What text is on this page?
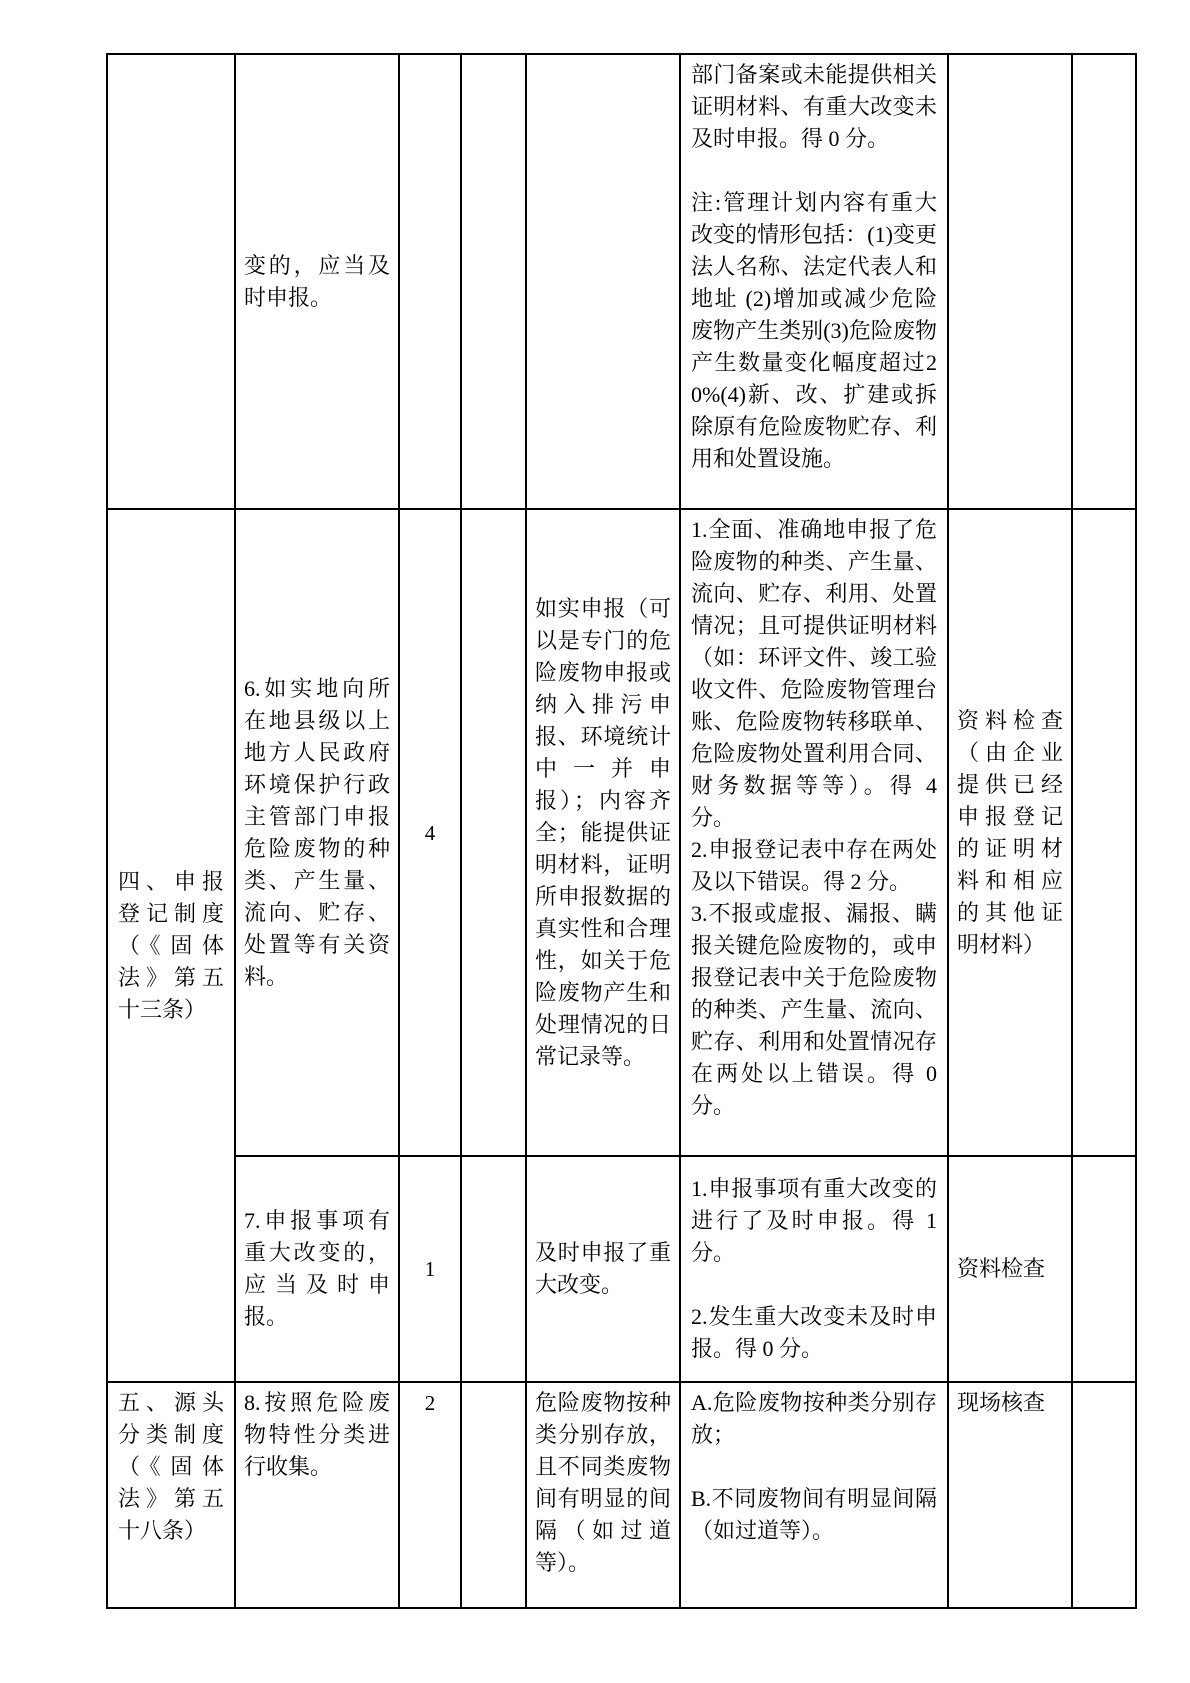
	变的，应当及时申报。				部门备案或未能提供相关证明材料、有重大改变未及时申报。得 0 分。

注:管理计划内容有重大改变的情形包括：(1)变更法人名称、法定代表人和地址 (2)增加或减少危险废物产生类别(3)危险废物产生数量变化幅度超过20%(4)新、改、扩建或拆除原有危险废物贮存、利用和处置设施。		

四、申报登记制度（《固体法》第五十三条）	6.如实地向所在地县级以上地方人民政府环境保护行政主管部门申报危险废物的种类、产生量、流向、贮存、处置等有关资料。	4		如实申报（可以是专门的危险废物申报或纳入排污申报、环境统计中一并申报）；内容齐全；能提供证明材料，证明所申报数据的真实性和合理性，如关于危险废物产生和处理情况的日常记录等。	1.全面、准确地申报了危险废物的种类、产生量、流向、贮存、利用、处置情况；且可提供证明材料（如：环评文件、竣工验收文件、危险废物管理台账、危险废物转移联单、危险废物处置利用合同、财务数据等等）。得 4 分。

2.申报登记表中存在两处及以下错误。得 2 分。

3.不报或虚报、漏报、瞒报关键危险废物的，或申报登记表中关于危险废物的种类、产生量、流向、贮存、利用和处置情况存在两处以上错误。得 0 分。	资料检查（由企业提供已经申报登记的证明材料和相应的其他证明材料）	

	7.申报事项有重大改变的，应当及时申报。	1		及时申报了重大改变。	1.申报事项有重大改变的进行了及时申报。得 1 分。

2.发生重大改变未及时申报。得 0 分。	资料检查	

五、源头分类制度（《固体法》第五十八条）	8.按照危险废物特性分类进行收集。	2		危险废物按种类分别存放，且不同类废物间有明显的间隔（如过道等）。	A.危险废物按种类分别存放；

B.不同废物间有明显间隔（如过道等）。	现场核查	
